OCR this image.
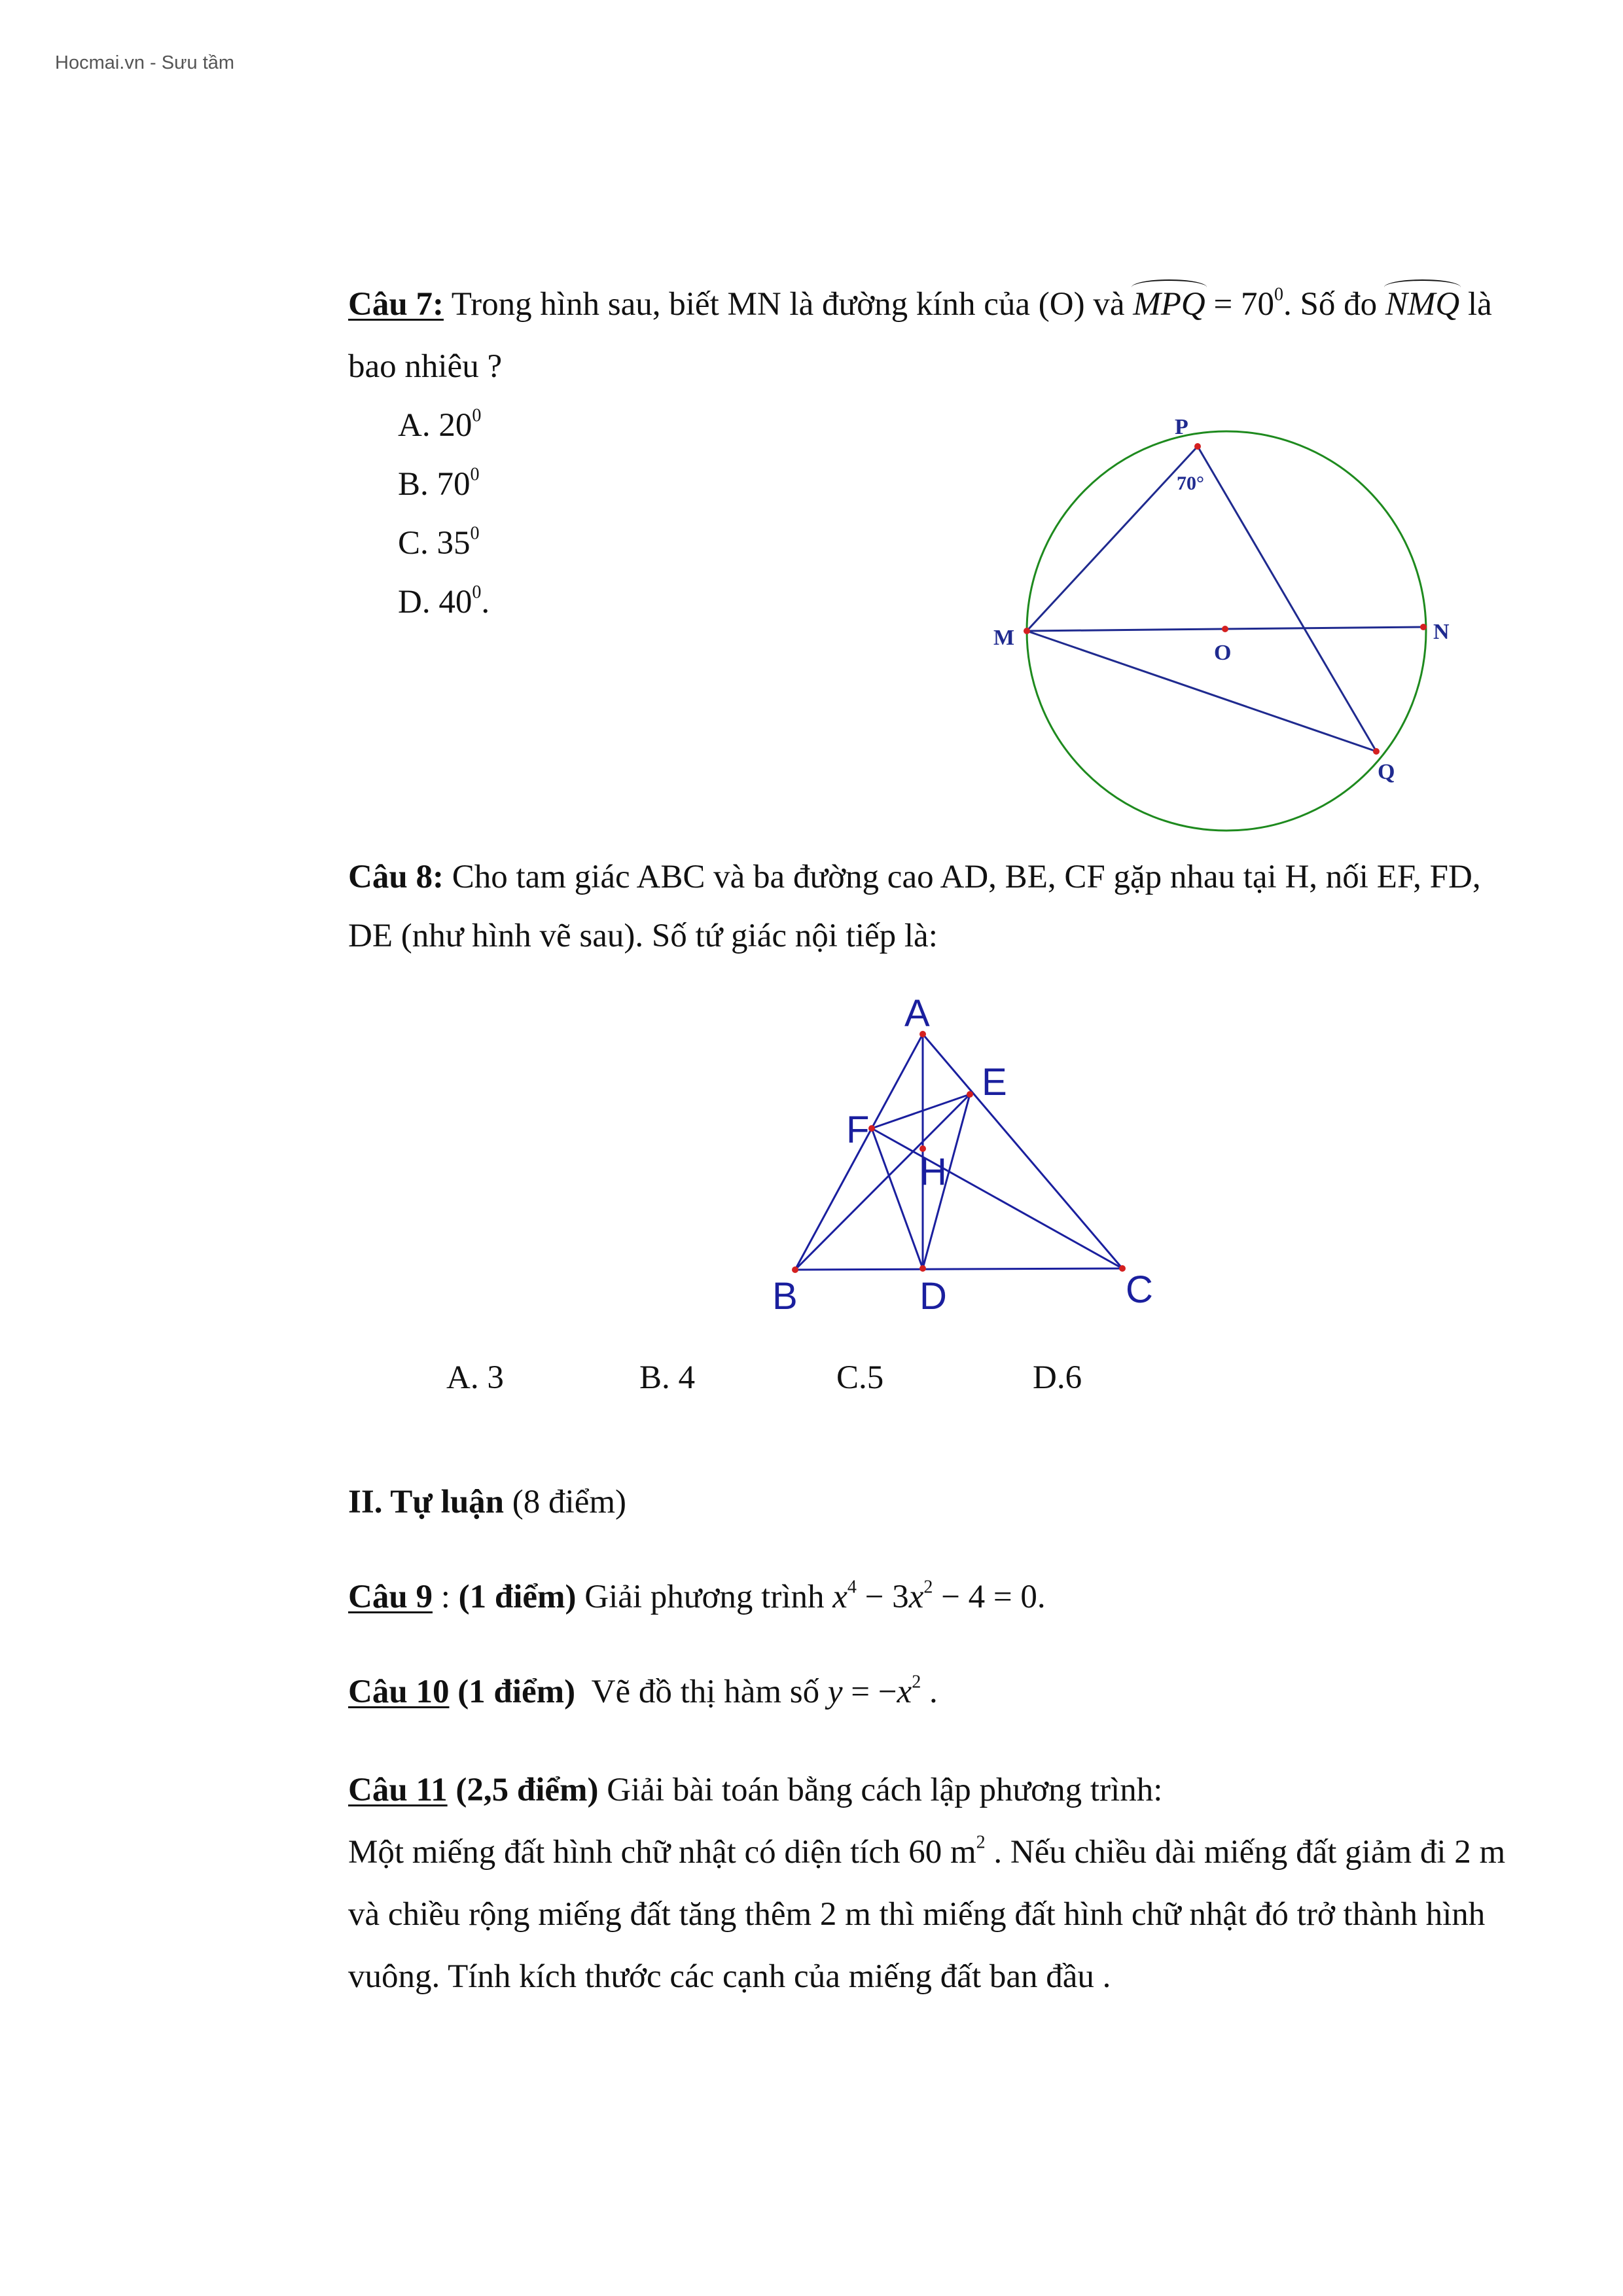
Hocmai.vn - Sưu tầm
Câu 7: Trong hình sau, biết MN là đường kính của (O) và MPQ = $70^0$. Số đo NMQ là
bao nhiêu ?
A. $20^0$
B. $70^0$
C. $35^0$
D. $40^0$.
P
M	N
O
Q
70°
Câu 8: Cho tam giác ABC và ba đường cao AD, BE, CF gặp nhau tại H, nối EF, FD,
DE (như hình vẽ sau). Số tứ giác nội tiếp là:
A
B	C
D
E
F
H
A. 3	B. 4	C.5	D.6
II. Tự luận (8 điểm)
Câu 9 : (1 điểm) Giải phương trình $x^4 - 3x^2 - 4 = 0$.
Câu 10 (1 điểm)  Vẽ đồ thị hàm số $y = -x^2$ .
Câu 11 (2,5 điểm) Giải bài toán bằng cách lập phương trình:
Một miếng đất hình chữ nhật có diện tích 60 $m^2$ . Nếu chiều dài miếng đất giảm đi 2 m
và chiều rộng miếng đất tăng thêm 2 m thì miếng đất hình chữ nhật đó trở thành hình
vuông. Tính kích thước các cạnh của miếng đất ban đầu .
